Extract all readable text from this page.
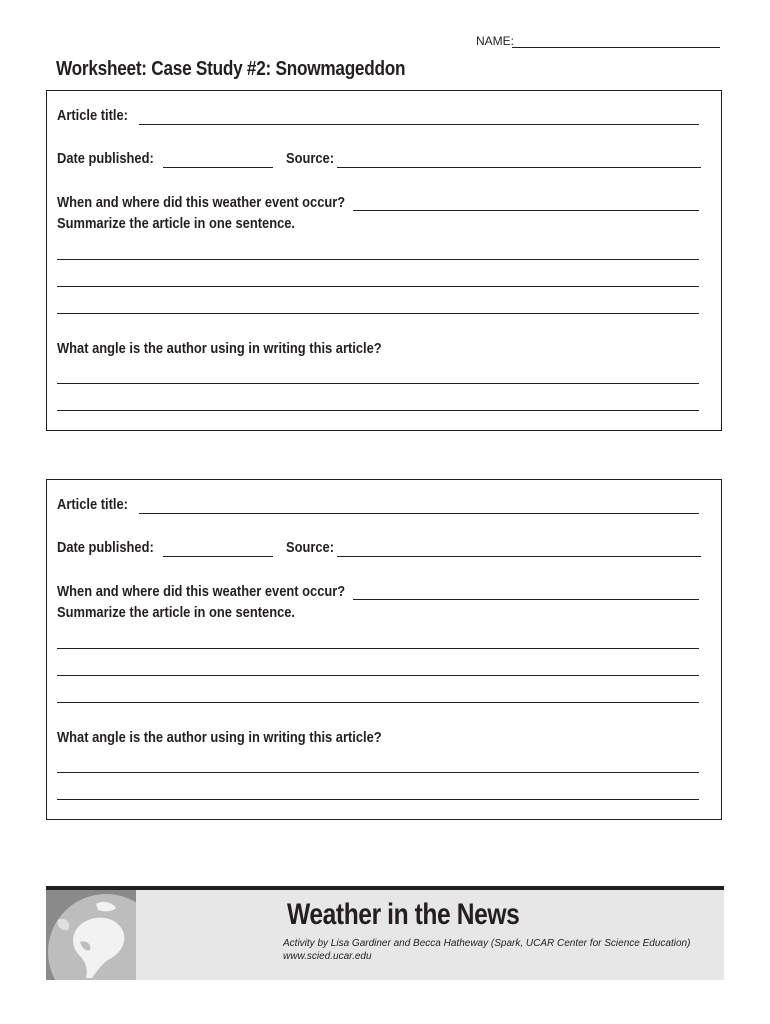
NAME:
Worksheet: Case Study #2: Snowmageddon
Article title:
Date published:	Source:
When and where did this weather event occur?
Summarize the article in one sentence.
What angle is the author using in writing this article?
Article title:
Date published:	Source:
When and where did this weather event occur?
Summarize the article in one sentence.
What angle is the author using in writing this article?
Weather in the News
Activity by Lisa Gardiner and Becca Hatheway (Spark, UCAR Center for Science Education)
www.scied.ucar.edu
